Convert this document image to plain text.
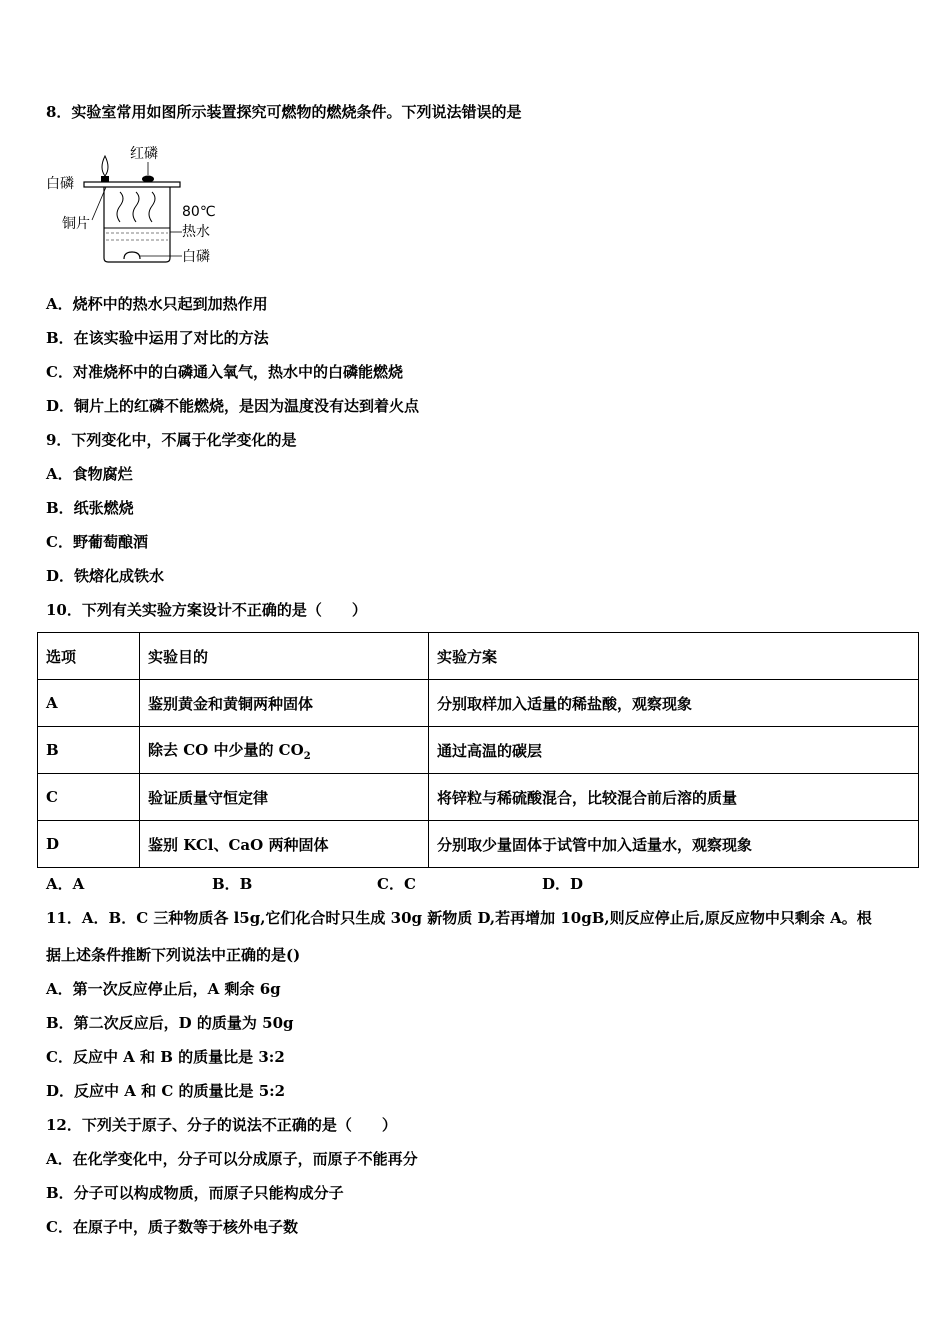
8．实验室常用如图所示装置探究可燃物的燃烧条件。下列说法错误的是
红磷
白磷
铜片
80℃
热水
白磷
A．烧杯中的热水只起到加热作用
B．在该实验中运用了对比的方法
C．对准烧杯中的白磷通入氧气，热水中的白磷能燃烧
D．铜片上的红磷不能燃烧，是因为温度没有达到着火点
9．下列变化中，不属于化学变化的是
A．食物腐烂
B．纸张燃烧
C．野葡萄酿酒
D．铁熔化成铁水
10．下列有关实验方案设计不正确的是（　　）
选项	实验目的	实验方案
A	鉴别黄金和黄铜两种固体	分别取样加入适量的稀盐酸，观察现象
B	除去 CO 中少量的 $CO_2$	通过高温的碳层
C	验证质量守恒定律	将锌粒与稀硫酸混合，比较混合前后溶的质量
D	鉴别 KCl、CaO 两种固体	分别取少量固体于试管中加入适量水，观察现象
A．A	B．B	C．C	D．D
11．A．B．C 三种物质各 l5g,它们化合时只生成 30g 新物质 D,若再增加 10gB,则反应停止后,原反应物中只剩余 A。根
据上述条件推断下列说法中正确的是()
A．第一次反应停止后，A 剩余 6g
B．第二次反应后，D 的质量为 50g
C．反应中 A 和 B 的质量比是 3:2
D．反应中 A 和 C 的质量比是 5:2
12．下列关于原子、分子的说法不正确的是（　　）
A．在化学变化中，分子可以分成原子，而原子不能再分
B．分子可以构成物质，而原子只能构成分子
C．在原子中，质子数等于核外电子数
